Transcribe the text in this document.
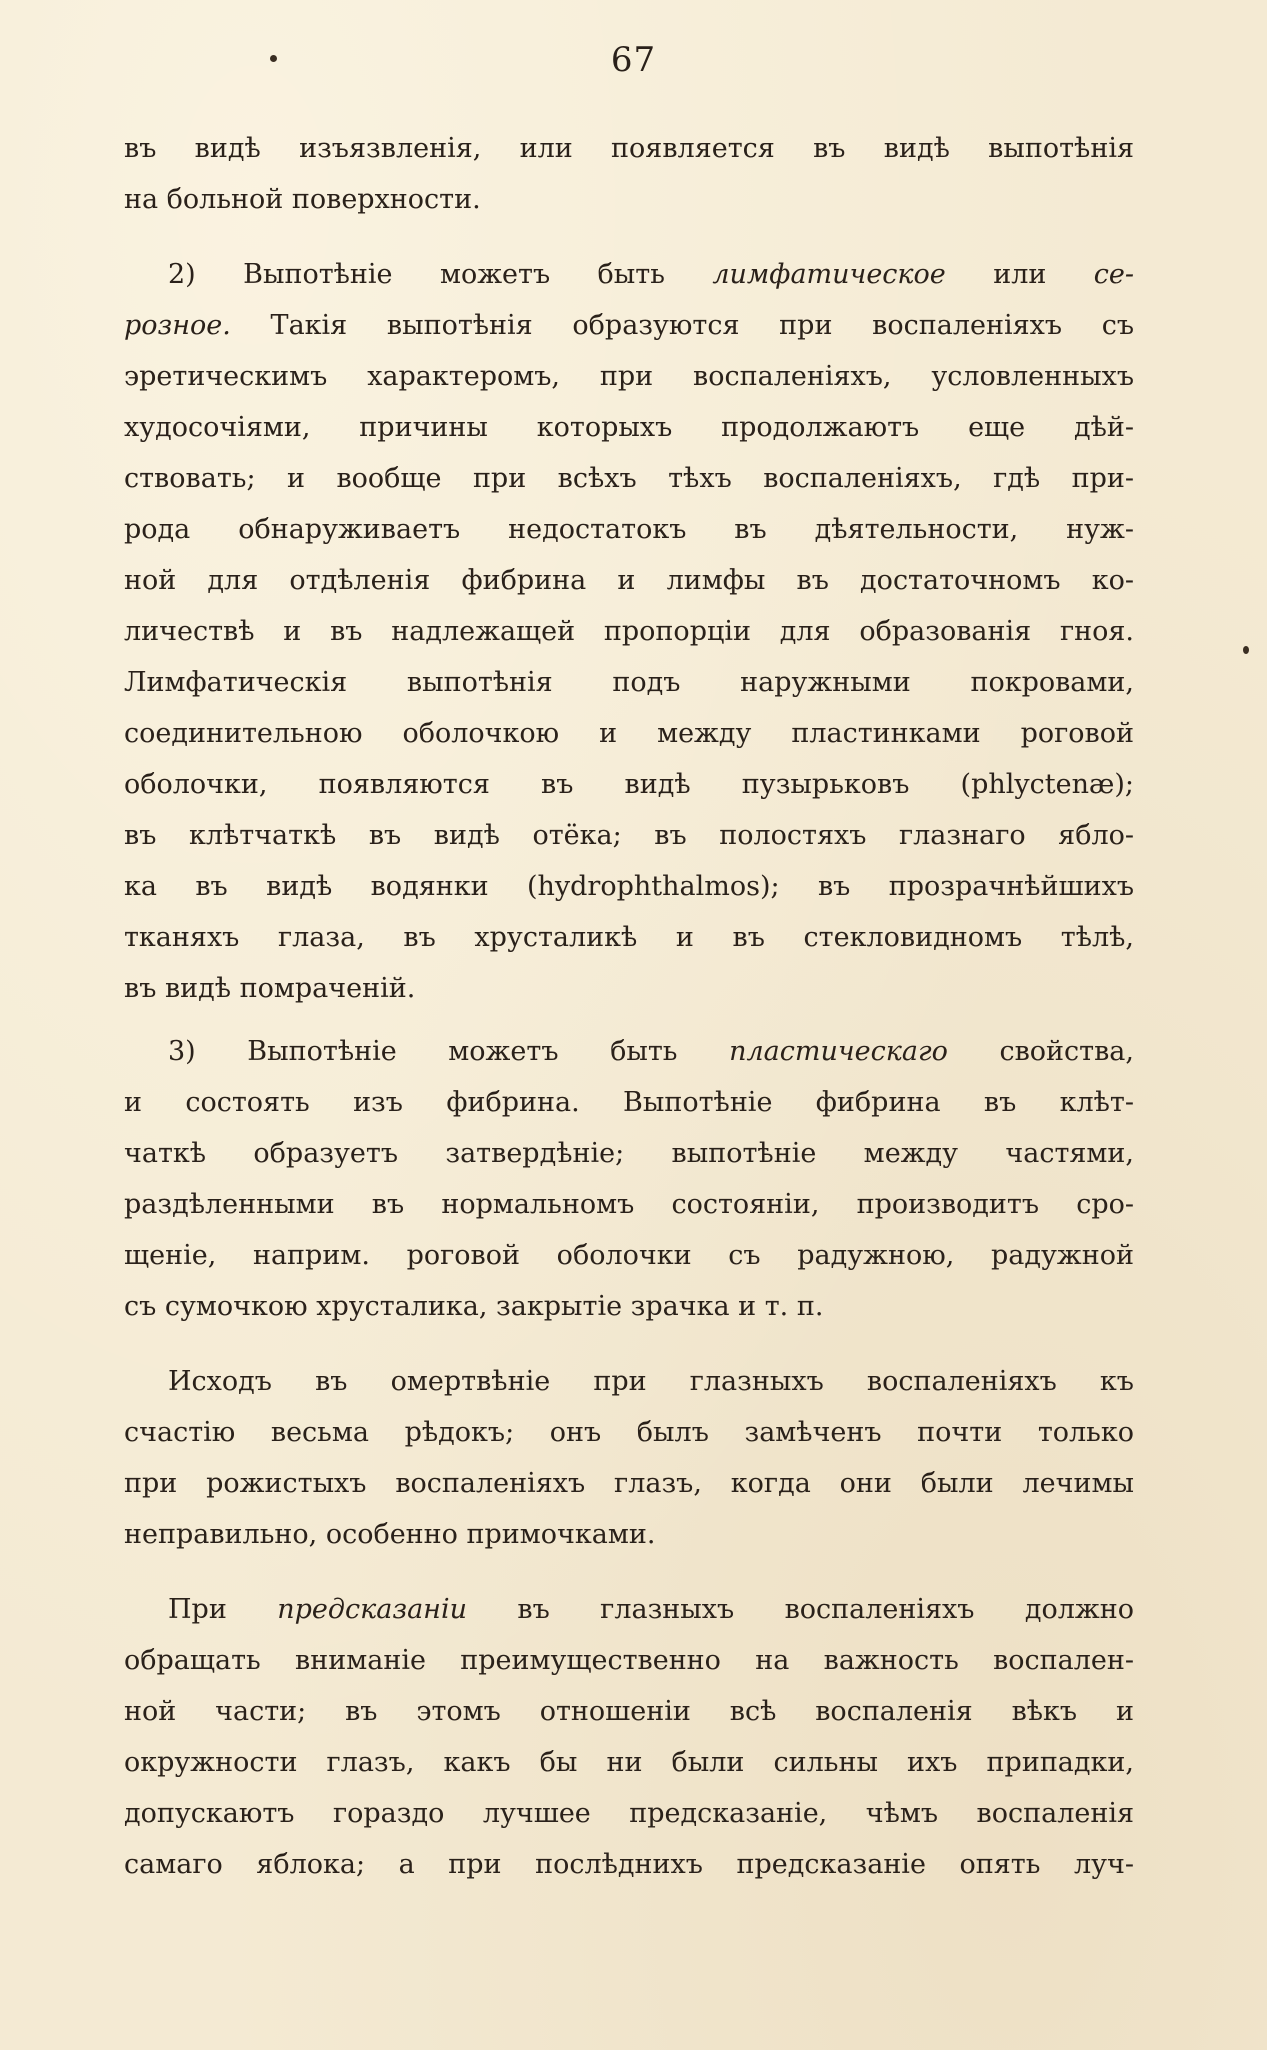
67
въ видѣ изъязвленія, или появляется въ видѣ выпотѣнія
на больной поверхности.
2) Выпотѣніе можетъ быть лимфатическое или се-
розное. Такія выпотѣнія образуются при воспаленіяхъ съ
эретическимъ характеромъ, при воспаленіяхъ, условленныхъ
худосочіями, причины которыхъ продолжаютъ еще дѣй-
ствовать; и вообще при всѣхъ тѣхъ воспаленіяхъ, гдѣ при-
рода обнаруживаетъ недостатокъ въ дѣятельности, нуж-
ной для отдѣленія фибрина и лимфы въ достаточномъ ко-
личествѣ и въ надлежащей пропорціи для образованія гноя.
Лимфатическія выпотѣнія подъ наружными покровами,
соединительною оболочкою и между пластинками роговой
оболочки, появляются въ видѣ пузырьковъ (phlyctenæ);
въ клѣтчаткѣ въ видѣ отёка; въ полостяхъ глазнаго ябло-
ка въ видѣ водянки (hydrophthalmos); въ прозрачнѣйшихъ
тканяхъ глаза, въ хрусталикѣ и въ стекловидномъ тѣлѣ,
въ видѣ помраченій.
3) Выпотѣніе можетъ быть пластическаго свойства,
и состоять изъ фибрина. Выпотѣніе фибрина въ клѣт-
чаткѣ образуетъ затвердѣніе; выпотѣніе между частями,
раздѣленными въ нормальномъ состояніи, производитъ сро-
щеніе, наприм. роговой оболочки съ радужною, радужной
съ сумочкою хрусталика, закрытіе зрачка и т. п.
Исходъ въ омертвѣніе при глазныхъ воспаленіяхъ къ
счастію весьма рѣдокъ; онъ былъ замѣченъ почти только
при рожистыхъ воспаленіяхъ глазъ, когда они были лечимы
неправильно, особенно примочками.
При предсказаніи въ глазныхъ воспаленіяхъ должно
обращать вниманіе преимущественно на важность воспален-
ной части; въ этомъ отношеніи всѣ воспаленія вѣкъ и
окружности глазъ, какъ бы ни были сильны ихъ припадки,
допускаютъ гораздо лучшее предсказаніе, чѣмъ воспаленія
самаго яблока; а при послѣднихъ предсказаніе опять луч-
